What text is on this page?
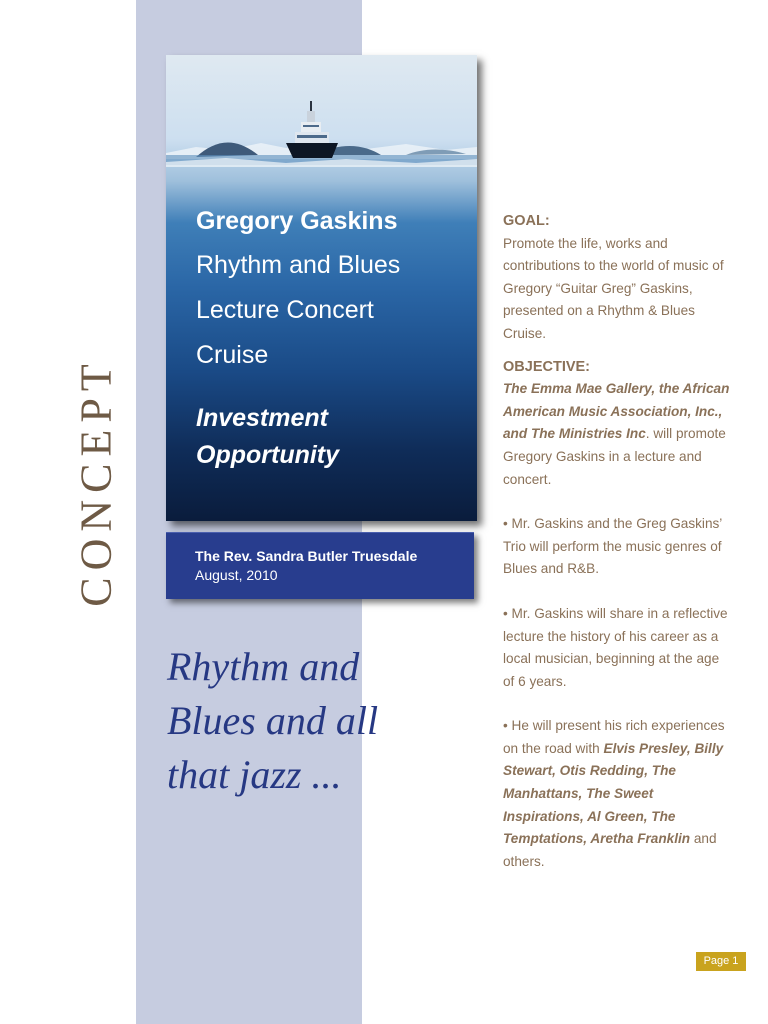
CONCEPT
Gregory Gaskins
Rhythm and Blues
Lecture Concert
Cruise
Investment
Opportunity
The Rev. Sandra Butler Truesdale
August, 2010
Rhythm and
Blues and all
that jazz ...
GOAL:

Promote the life, works and contributions to the world of music of Gregory “Guitar Greg” Gaskins, presented on a Rhythm & Blues Cruise.

OBJECTIVE:

The Emma Mae Gallery, the African American Music Association, Inc., and The Ministries Inc. will promote Gregory Gaskins in a lecture and concert.

• Mr. Gaskins and the Greg Gaskins’ Trio will perform the music genres of Blues and R&B.

• Mr. Gaskins will share in a reflective lecture the history of his career as a local musician, beginning at the age of 6 years.

• He will present his rich experiences on the road with Elvis Presley, Billy Stewart, Otis Redding, The Manhattans, The Sweet Inspirations, Al Green, The Temptations, Aretha Franklin and others.

Page 1
